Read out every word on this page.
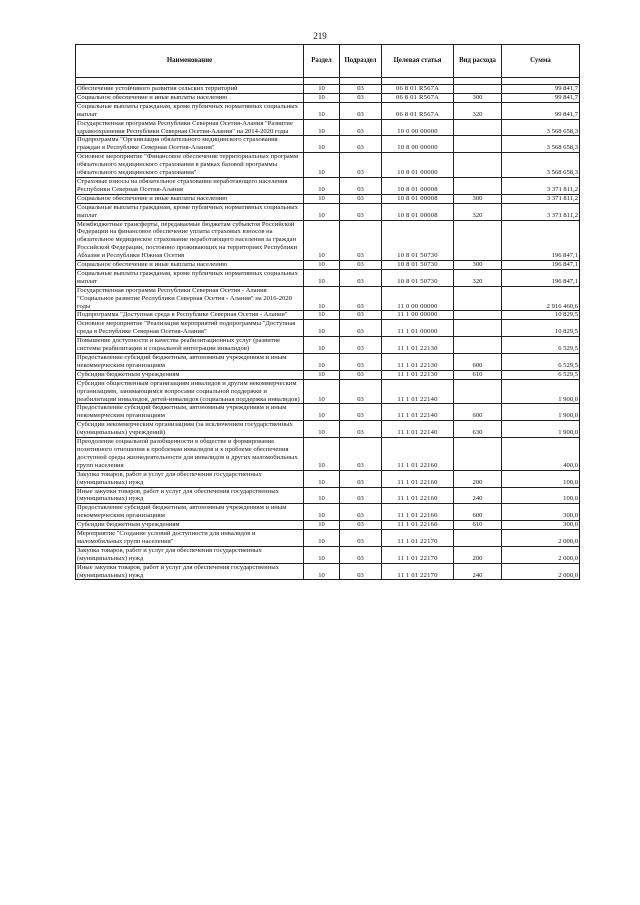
219
Наименование	Раздел	Подраздел	Целевая статья	Вид расхода	Сумма

Обеспечение устойчивого развития сельских территорий	10	03	06 8 01 R567A		99 841,7
Социальное обеспечение и иные выплаты населению	10	03	06 8 01 R567A	300	99 841,7
Социальные выплаты гражданам, кроме публичных нормативных социальных выплат	10	03	06 8 01 R567A	320	99 841,7
Государственная программа Республики Северная Осетия-Алания "Развитие здравоохранения Республики Северная Осетия-Алания" на 2014-2020 годы	10	03	10 0 00 00000		3 568 658,3
Подпрограмма "Организация обязательного медицинского страхования граждан в Республике Северная Осетия-Алания"	10	03	10 8 00 00000		3 568 658,3
Основное мероприятие "Финансовое обеспечение территориальных программ обязательного медицинского страхования в рамках базовой программы обязательного медицинского страхования"	10	03	10 8 01 00000		3 568 658,3
Страховые взносы на обязательное страхование неработающего населения Республики Северная Осетия-Алания	10	03	10 8 01 00008		3 371 811,2
Социальное обеспечение и иные выплаты населению	10	03	10 8 01 00008	300	3 371 811,2
Социальные выплаты гражданам, кроме публичных нормативных социальных выплат	10	03	10 8 01 00008	320	3 371 811,2
Межбюджетные трансферты, передаваемые бюджетам субъектов Российской Федерации на финансовое обеспечение уплаты страховых взносов на обязательное медицинское страхование неработающего населения за граждан Российской Федерации, постоянно проживающих на территориях Республики Абхазия и Республики Южная Осетия	10	03	10 8 01 50730		196 847,1
Социальное обеспечение и иные выплаты населению	10	03	10 8 01 50730	300	196 847,1
Социальные выплаты гражданам, кроме публичных нормативных социальных выплат	10	03	10 8 01 50730	320	196 847,1
Государственная программа Республики Северная Осетия - Алания "Социальное развитие Республики Северная Осетия - Алания" на 2016-2020 годы	10	03	11 0 00 00000		2 916 460,6
Подпрограмма "Доступная среда в Республике Северная Осетия - Алания"	10	03	11 1 00 00000		10 829,5
Основное мероприятие "Реализация мероприятий подпрограммы "Доступная среда в Республике Северная Осетия-Алания"	10	03	11 1 01 00000		10 829,5
Повышение доступности и качества реабилитационных услуг (развитие системы реабилитации и социальной интеграции инвалидов)	10	03	11 1 01 22130		6 529,5
Предоставление субсидий бюджетным, автономным учреждениям и иным некоммерческим организациям	10	03	11 1 01 22130	600	6 529,5
Субсидии бюджетным учреждениям	10	03	11 1 01 22130	610	6 529,5
Субсидии общественным организациям инвалидов и другим некоммерческим организациям, занимающимся вопросами социальной поддержки и реабилитации инвалидов, детей-инвалидов (социальная поддержка инвалидов)	10	03	11 1 01 22140		1 900,0
Предоставление субсидий бюджетным, автономным учреждениям и иным некоммерческим организациям	10	03	11 1 01 22140	600	1 900,0
Субсидии некоммерческим организациям (за исключением государственных (муниципальных) учреждений)	10	03	11 1 01 22140	630	1 900,0
Преодоление социальной разобщенности в обществе и формирование позитивного отношения к проблемам инвалидов и к проблеме обеспечения доступной среды жизнедеятельности для инвалидов и других маломобильных групп населения	10	03	11 1 01 22160		400,0
Закупка товаров, работ и услуг для обеспечения государственных (муниципальных) нужд	10	03	11 1 01 22160	200	100,0
Иные закупки товаров, работ и услуг для обеспечения государственных (муниципальных) нужд	10	03	11 1 01 22160	240	100,0
Предоставление субсидий бюджетным, автономным учреждениям и иным некоммерческим организациям	10	03	11 1 01 22160	600	300,0
Субсидии бюджетным учреждениям	10	03	11 1 01 22160	610	300,0
Мероприятие "Создание условий доступности для инвалидов и маломобильных групп населения"	10	03	11 1 01 22170		2 000,0
Закупка товаров, работ и услуг для обеспечения государственных (муниципальных) нужд	10	03	11 1 01 22170	200	2 000,0
Иные закупки товаров, работ и услуг для обеспечения государственных (муниципальных) нужд	10	03	11 1 01 22170	240	2 000,0
